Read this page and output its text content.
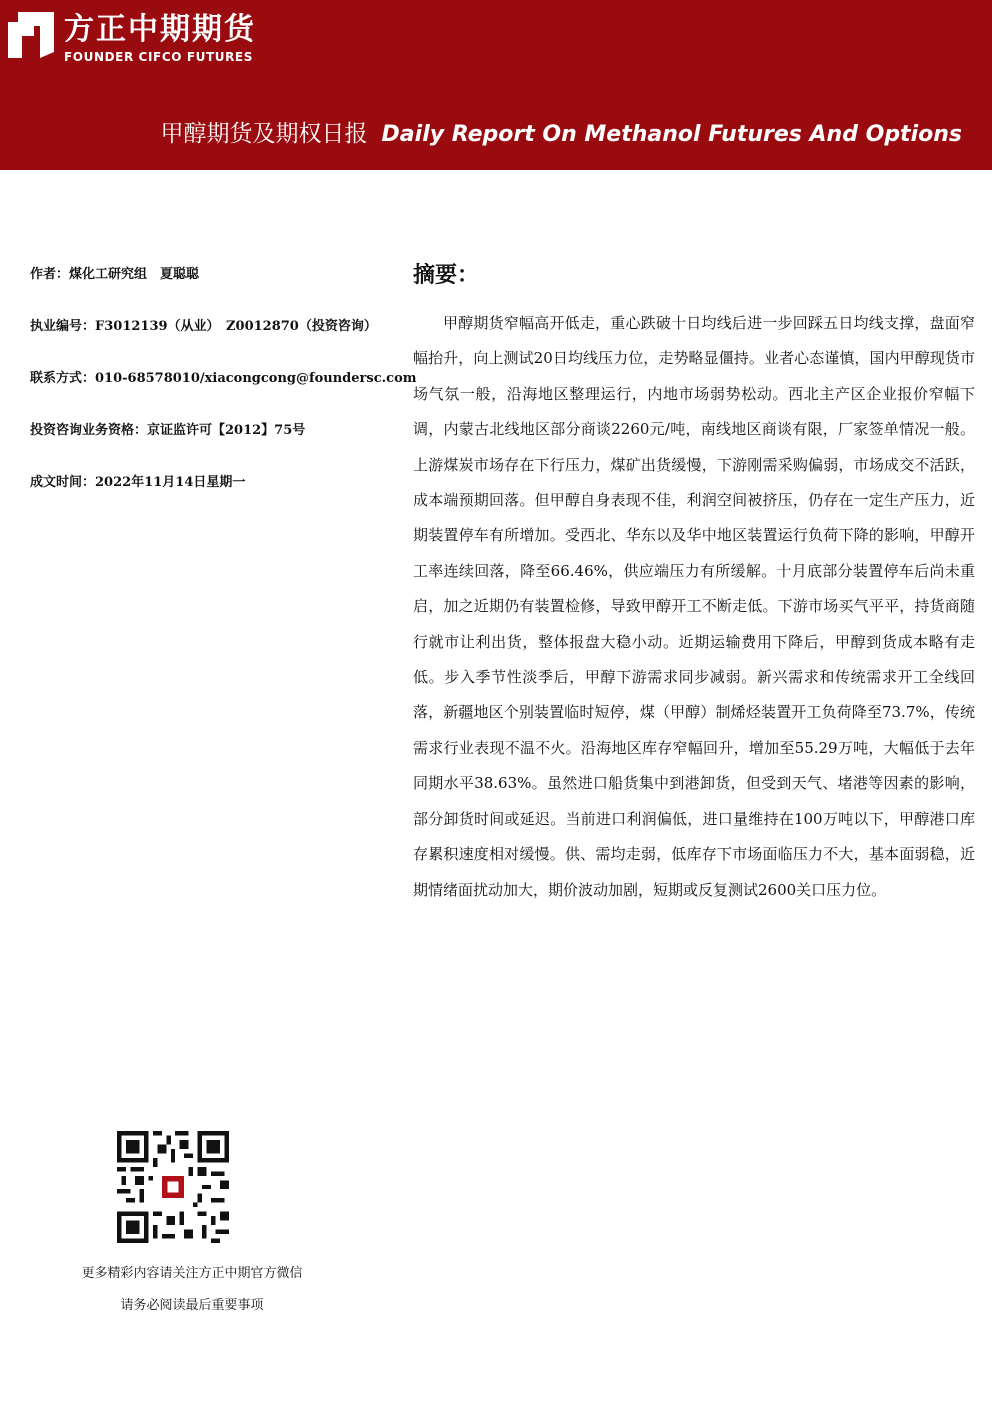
方正中期期货
FOUNDER CIFCO FUTURES
甲醇期货及期权日报 Daily Report On Methanol Futures And Options
作者：煤化工研究组　夏聪聪
执业编号：F3012139（从业）　Z0012870（投资咨询）
联系方式：010-68578010/xiacongcong@foundersc.com
投资咨询业务资格：京证监许可【2012】75号
成文时间：2022年11月14日星期一
摘要：

甲醇期货窄幅高开低走，重心跌破十日均线后进一步回踩五日均线支撑，盘面窄幅抬升，向上测试20日均线压力位，走势略显僵持。业者心态谨慎，国内甲醇现货市场气氛一般，沿海地区整理运行，内地市场弱势松动。西北主产区企业报价窄幅下调，内蒙古北线地区部分商谈2260元/吨，南线地区商谈有限，厂家签单情况一般。上游煤炭市场存在下行压力，煤矿出货缓慢，下游刚需采购偏弱，市场成交不活跃，成本端预期回落。但甲醇自身表现不佳，利润空间被挤压，仍存在一定生产压力，近期装置停车有所增加。受西北、华东以及华中地区装置运行负荷下降的影响，甲醇开工率连续回落，降至66.46%，供应端压力有所缓解。十月底部分装置停车后尚未重启，加之近期仍有装置检修，导致甲醇开工不断走低。下游市场买气平平，持货商随行就市让利出货，整体报盘大稳小动。近期运输费用下降后，甲醇到货成本略有走低。步入季节性淡季后，甲醇下游需求同步减弱。新兴需求和传统需求开工全线回落，新疆地区个别装置临时短停，煤（甲醇）制烯烃装置开工负荷降至73.7%，传统需求行业表现不温不火。沿海地区库存窄幅回升，增加至55.29万吨，大幅低于去年同期水平38.63%。虽然进口船货集中到港卸货，但受到天气、堵港等因素的影响，部分卸货时间或延迟。当前进口利润偏低，进口量维持在100万吨以下，甲醇港口库存累积速度相对缓慢。供、需均走弱，低库存下市场面临压力不大，基本面弱稳，近期情绪面扰动加大，期价波动加剧，短期或反复测试2600关口压力位。

更多精彩内容请关注方正中期官方微信
请务必阅读最后重要事项
